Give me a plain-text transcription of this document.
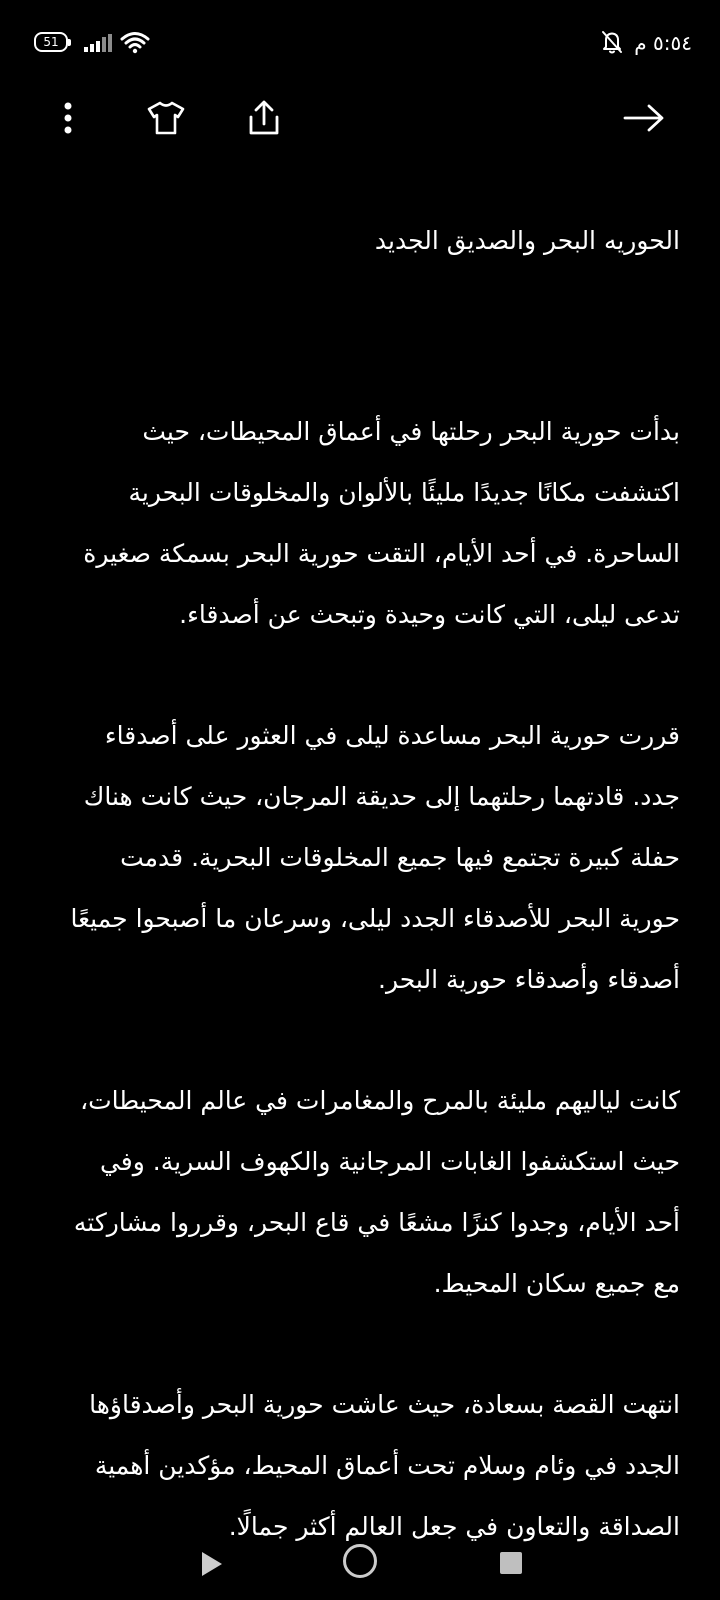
51	٥:٥٤ م
الحوريه البحر والصديق الجديد

بدأت حورية البحر رحلتها في أعماق المحيطات، حيث اكتشفت مكانًا جديدًا مليئًا بالألوان والمخلوقات البحرية الساحرة. في أحد الأيام، التقت حورية البحر بسمكة صغيرة تدعى ليلى، التي كانت وحيدة وتبحث عن أصدقاء.

قررت حورية البحر مساعدة ليلى في العثور على أصدقاء جدد. قادتهما رحلتهما إلى حديقة المرجان، حيث كانت هناك حفلة كبيرة تجتمع فيها جميع المخلوقات البحرية. قدمت حورية البحر للأصدقاء الجدد ليلى، وسرعان ما أصبحوا جميعًا أصدقاء وأصدقاء حورية البحر.

كانت لياليهم مليئة بالمرح والمغامرات في عالم المحيطات، حيث استكشفوا الغابات المرجانية والكهوف السرية. وفي أحد الأيام، وجدوا كنزًا مشعًا في قاع البحر، وقرروا مشاركته مع جميع سكان المحيط.

انتهت القصة بسعادة، حيث عاشت حورية البحر وأصدقاؤها الجدد في وئام وسلام تحت أعماق المحيط، مؤكدين أهمية الصداقة والتعاون في جعل العالم أكثر جمالًا.
